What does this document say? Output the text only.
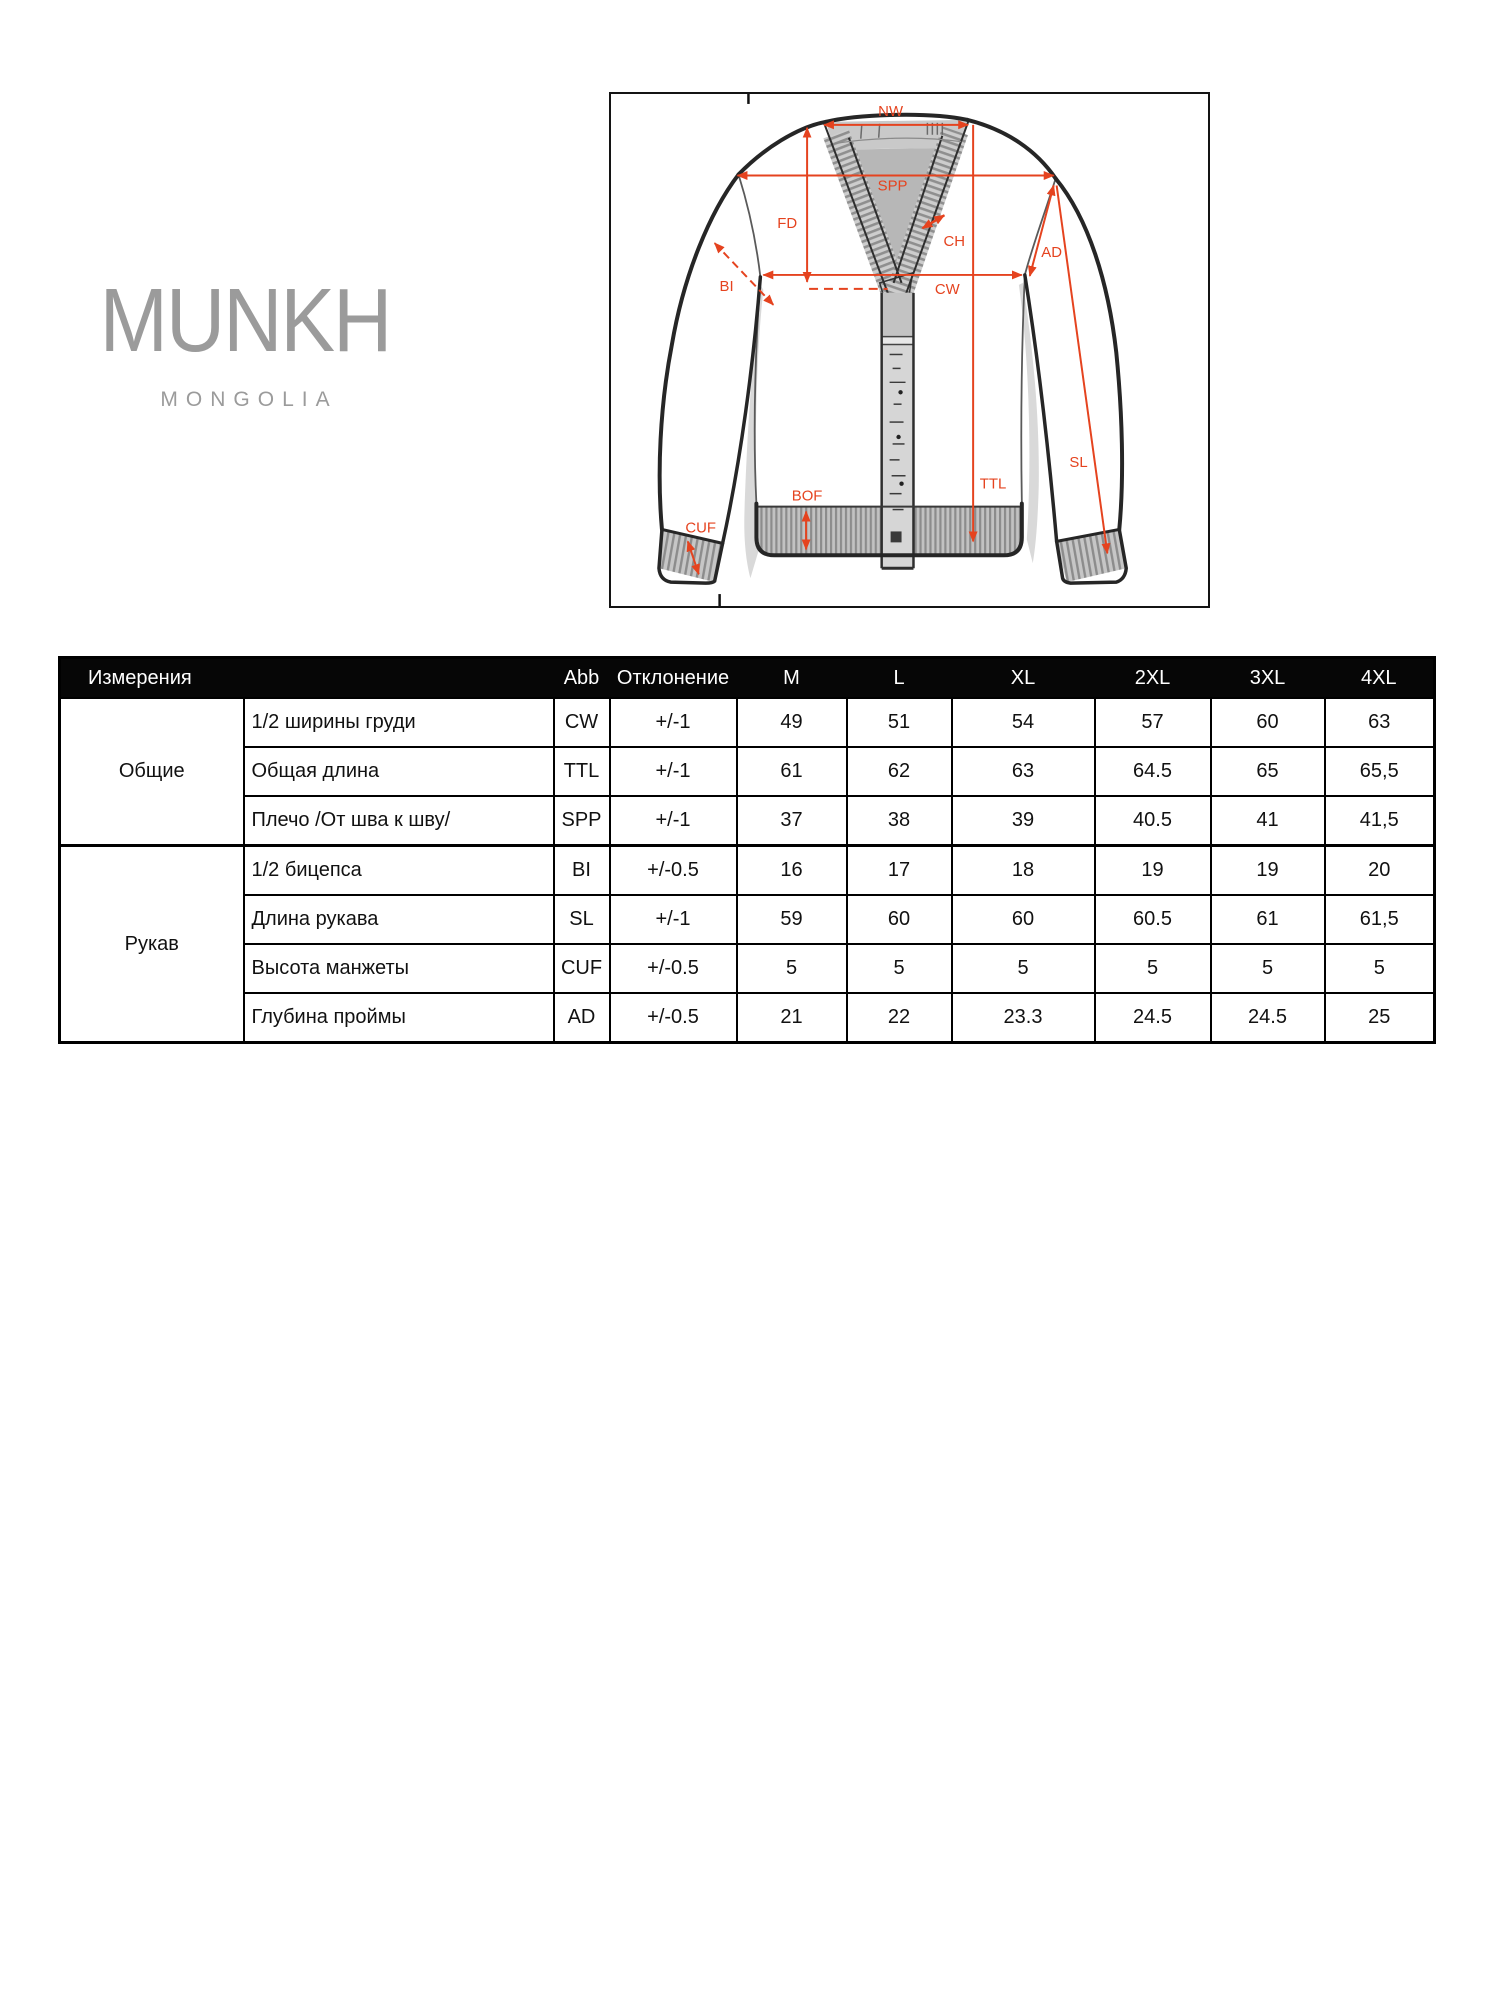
MUNKH
MONGOLIA
NW
SPP
FD
CH
CW
BI
AD
SL
TTL
BOF
CUF
Измерения		Abb	Отклонение	M	L	XL	2XL	3XL	4XL
Общие	1/2 ширины груди	CW	+/-1	49	51	54	57	60	63
	Общая длина	TTL	+/-1	61	62	63	64.5	65	65,5
	Плечо /От шва к шву/	SPP	+/-1	37	38	39	40.5	41	41,5
Рукав	1/2 бицепса	BI	+/-0.5	16	17	18	19	19	20
	Длина рукава	SL	+/-1	59	60	60	60.5	61	61,5
	Высота манжеты	CUF	+/-0.5	5	5	5	5	5	5
	Глубина проймы	AD	+/-0.5	21	22	23.3	24.5	24.5	25
